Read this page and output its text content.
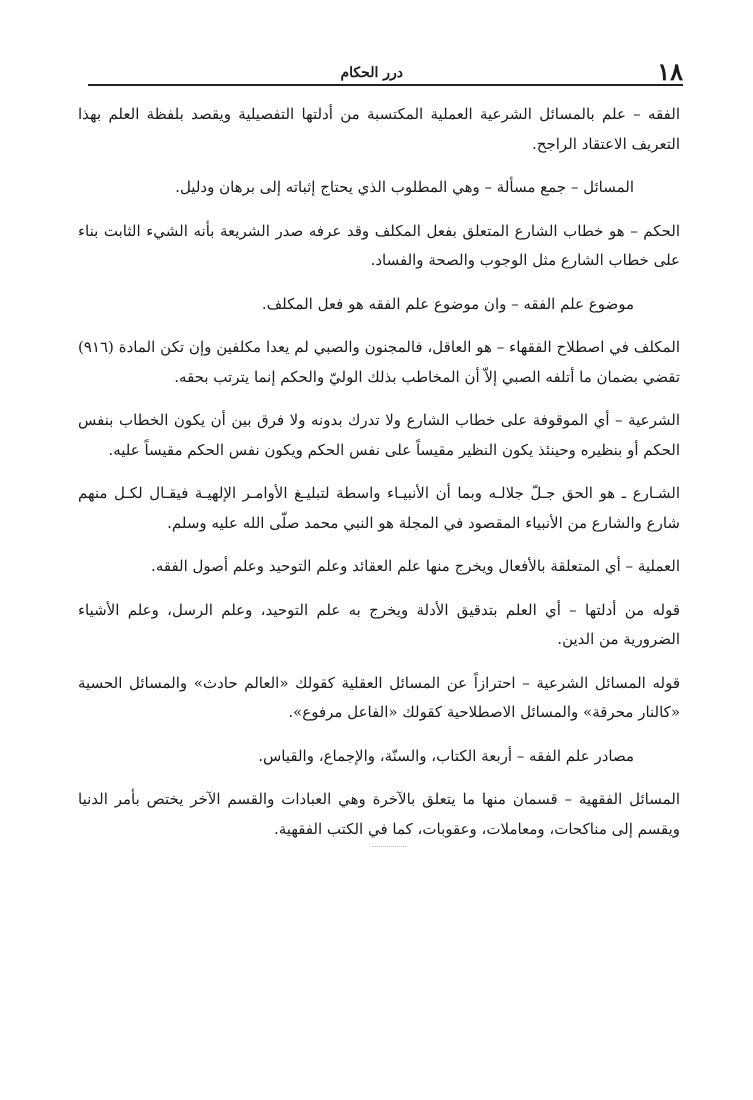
١٨
درر الحكام

الفقه – علم بالمسائل الشرعية العملية المكتسبة من أدلتها التفصيلية ويقصد بلفظة العلم بهذا التعريف الاعتقاد الراجح.

المسائل – جمع مسألة – وهي المطلوب الذي يحتاج إثباته إلى برهان ودليل.

الحكم – هو خطاب الشارع المتعلق بفعل المكلف وقد عرفه صدر الشريعة بأنه الشيء الثابت بناء على خطاب الشارع مثل الوجوب والصحة والفساد.

موضوع علم الفقه – وان موضوع علم الفقه هو فعل المكلف.

المكلف في اصطلاح الفقهاء – هو العاقل، فالمجنون والصبي لم يعدا مكلفين وإن تكن المادة (٩١٦) تقضي بضمان ما أتلفه الصبي إلاّ أن المخاطب بذلك الوليّ والحكم إنما يترتب بحقه.

الشرعية – أي الموقوفة على خطاب الشارع ولا تدرك بدونه ولا فرق بين أن يكون الخطاب بنفس الحكم أو بنظيره وحينئذ يكون النظير مقيساً على نفس الحكم ويكون نفس الحكم مقيساً عليه.

الشـارع ـ هو الحق جـلّ جلالـه وبما أن الأنبيـاء واسطة لتبليـغ الأوامـر الإلهيـة فيقـال لكـل منهم شارع والشارع من الأنبياء المقصود في المجلة هو النبي محمد صلّى الله عليه وسلم.

العملية – أي المتعلقة بالأفعال ويخرج منها علم العقائد وعلم التوحيد وعلم أصول الفقه.

قوله من أدلتها – أي العلم بتدقيق الأدلة ويخرج به علم التوحيد، وعلم الرسل، وعلم الأشياء الضرورية من الدين.

قوله المسائل الشرعية – احترازاً عن المسائل العقلية كقولك «العالم حادث» والمسائل الحسية «كالنار محرقة» والمسائل الاصطلاحية كقولك «الفاعل مرفوع».

مصادر علم الفقه – أربعة الكتاب، والسنّة، والإجماع، والقياس.

المسائل الفقهية – قسمان منها ما يتعلق بالآخرة وهي العبادات والقسم الآخر يختص بأمر الدنيا ويقسم إلى مناكحات، ومعاملات، وعقوبات، كما في الكتب الفقهية.
